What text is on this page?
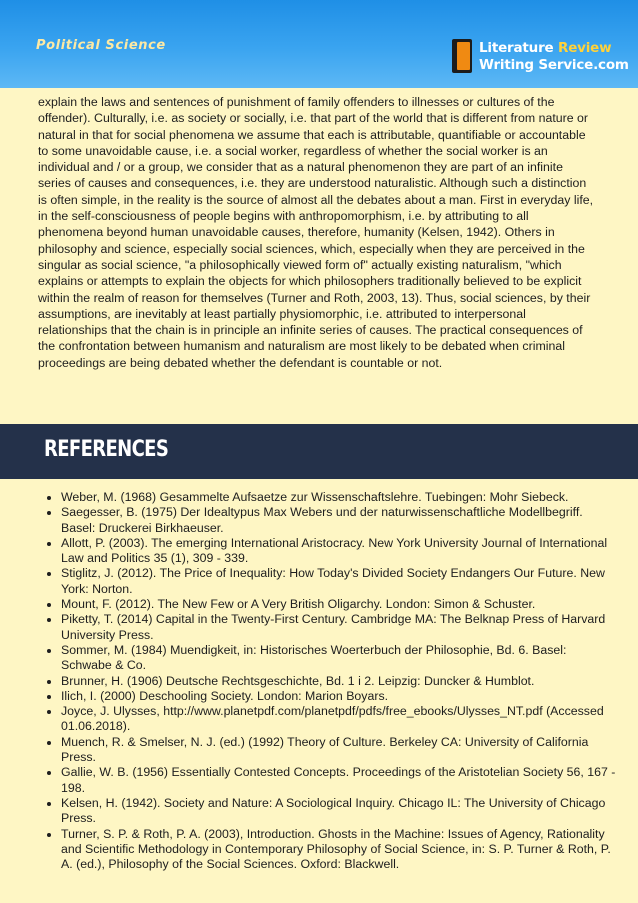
Political Science	Literature Review
Writing Service.com

explain the laws and sentences of punishment of family offenders to illnesses or cultures of the offender). Culturally, i.e. as society or socially, i.e. that part of the world that is different from nature or natural in that for social phenomena we assume that each is attributable, quantifiable or accountable to some unavoidable cause, i.e. a social worker, regardless of whether the social worker is an individual and / or a group, we consider that as a natural phenomenon they are part of an infinite series of causes and consequences, i.e. they are understood naturalistic. Although such a distinction is often simple, in the reality is the source of almost all the debates about a man. First in everyday life, in the self-consciousness of people begins with anthropomorphism, i.e. by attributing to all phenomena beyond human unavoidable causes, therefore, humanity (Kelsen, 1942). Others in philosophy and science, especially social sciences, which, especially when they are perceived in the singular as social science, "a philosophically viewed form of" actually existing naturalism, "which explains or attempts to explain the objects for which philosophers traditionally believed to be explicit within the realm of reason for themselves (Turner and Roth, 2003, 13). Thus, social sciences, by their assumptions, are inevitably at least partially physiomorphic, i.e. attributed to interpersonal relationships that the chain is in principle an infinite series of causes. The practical consequences of the confrontation between humanism and naturalism are most likely to be debated when criminal proceedings are being debated whether the defendant is countable or not.

REFERENCES
• Weber, M. (1968) Gesammelte Aufsaetze zur Wissenschaftslehre. Tuebingen: Mohr Siebeck.
• Saegesser, B. (1975) Der Idealtypus Max Webers und der naturwissenschaftliche Modellbegriff. Basel: Druckerei Birkhaeuser.
• Allott, P. (2003). The emerging International Aristocracy. New York University Journal of International Law and Politics 35 (1), 309 - 339.
• Stiglitz, J. (2012). The Price of Inequality: How Today's Divided Society Endangers Our Future. New York: Norton.
• Mount, F. (2012). The New Few or A Very British Oligarchy. London: Simon & Schuster.
• Piketty, T. (2014) Capital in the Twenty-First Century. Cambridge MA: The Belknap Press of Harvard University Press.
• Sommer, M. (1984) Muendigkeit, in: Historisches Woerterbuch der Philosophie, Bd. 6. Basel: Schwabe & Co.
• Brunner, H. (1906) Deutsche Rechtsgeschichte, Bd. 1 i 2. Leipzig: Duncker & Humblot.
• Ilich, I. (2000) Deschooling Society. London: Marion Boyars.
• Joyce, J. Ulysses, http://www.planetpdf.com/planetpdf/pdfs/free_ebooks/Ulysses_NT.pdf (Accessed 01.06.2018).
• Muench, R. & Smelser, N. J. (ed.) (1992) Theory of Culture. Berkeley CA: University of California Press.
• Gallie, W. B. (1956) Essentially Contested Concepts. Proceedings of the Aristotelian Society 56, 167 - 198.
• Kelsen, H. (1942). Society and Nature: A Sociological Inquiry. Chicago IL: The University of Chicago Press.
• Turner, S. P. & Roth, P. A. (2003), Introduction. Ghosts in the Machine: Issues of Agency, Rationality and Scientific Methodology in Contemporary Philosophy of Social Science, in: S. P. Turner & Roth, P. A. (ed.), Philosophy of the Social Sciences. Oxford: Blackwell.
